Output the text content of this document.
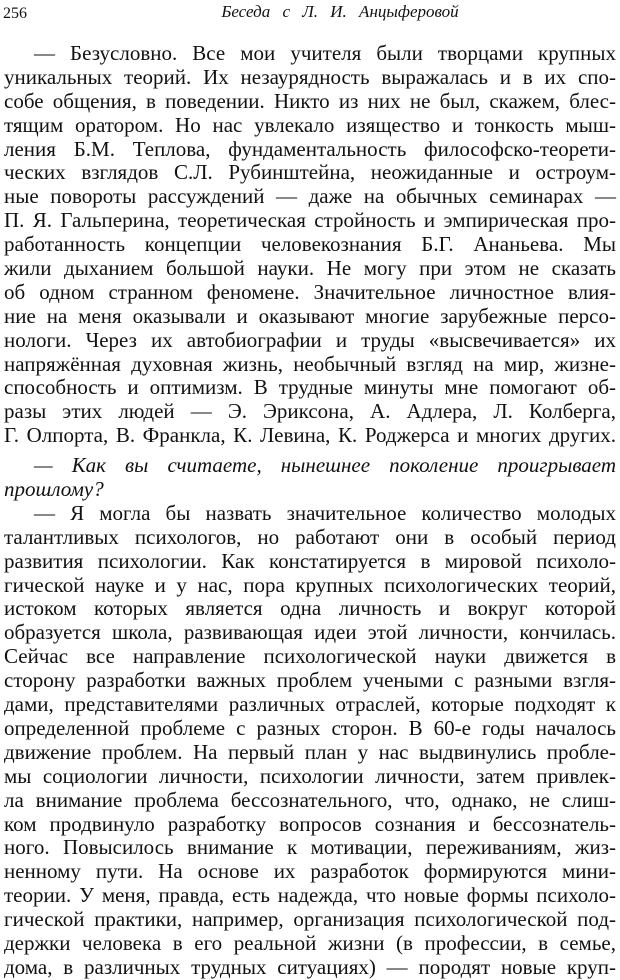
256	Беседа с Л. И. Анцыферовой
— Безусловно. Все мои учителя были творцами крупных
уникальных теорий. Их незаурядность выражалась и в их спо-
собе общения, в поведении. Никто из них не был, скажем, блес-
тящим оратором. Но нас увлекало изящество и тонкость мыш-
ления Б.М. Теплова, фундаментальность философско-теорети-
ческих взглядов С.Л. Рубинштейна, неожиданные и остроум-
ные повороты рассуждений — даже на обычных семинарах —
П. Я. Гальперина, теоретическая стройность и эмпирическая про-
работанность концепции человекознания Б.Г. Ананьева. Мы
жили дыханием большой науки. Не могу при этом не сказать
об одном странном феномене. Значительное личностное влия-
ние на меня оказывали и оказывают многие зарубежные персо-
нологи. Через их автобиографии и труды «высвечивается» их
напряжённая духовная жизнь, необычный взгляд на мир, жизне-
способность и оптимизм. В трудные минуты мне помогают об-
разы этих людей — Э. Эриксона, А. Адлера, Л. Колберга,
Г. Олпорта, В. Франкла, К. Левина, К. Роджерса и многих других.
— Как вы считаете, нынешнее поколение проигрывает
прошлому?
— Я могла бы назвать значительное количество молодых
талантливых психологов, но работают они в особый период
развития психологии. Как констатируется в мировой психоло-
гической науке и у нас, пора крупных психологических теорий,
истоком которых является одна личность и вокруг которой
образуется школа, развивающая идеи этой личности, кончилась.
Сейчас все направление психологической науки движется в
сторону разработки важных проблем учеными с разными взгля-
дами, представителями различных отраслей, которые подходят к
определенной проблеме с разных сторон. В 60-е годы началось
движение проблем. На первый план у нас выдвинулись пробле-
мы социологии личности, психологии личности, затем привлек-
ла внимание проблема бессознательного, что, однако, не слиш-
ком продвинуло разработку вопросов сознания и бессознатель-
ного. Повысилось внимание к мотивации, переживаниям, жиз-
ненному пути. На основе их разработок формируются мини-
теории. У меня, правда, есть надежда, что новые формы психоло-
гической практики, например, организация психологической под-
держки человека в его реальной жизни (в профессии, в семье,
дома, в различных трудных ситуациях) — породят новые круп-
